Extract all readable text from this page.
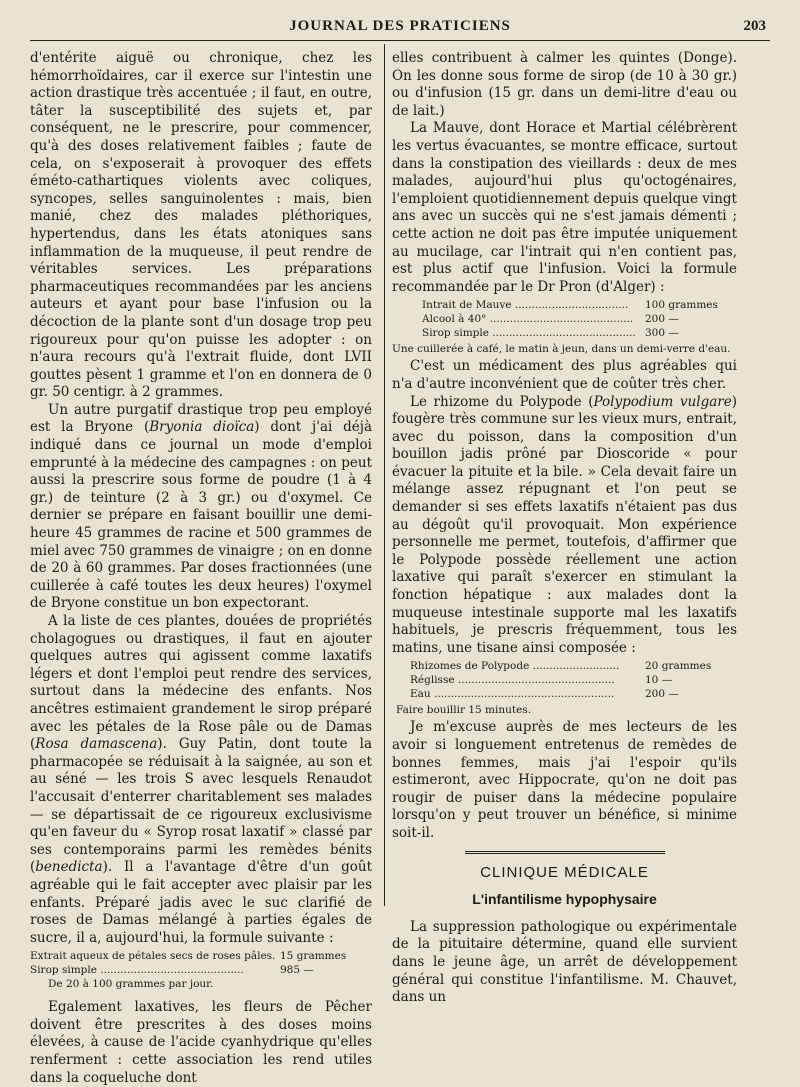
JOURNAL DES PRATICIENS	203

d'entérite aiguë ou chronique, chez les hémorrhoïdaires, car il exerce sur l'intestin une action drastique très accentuée ; il faut, en outre, tâter la susceptibilité des sujets et, par conséquent, ne le prescrire, pour commencer, qu'à des doses relativement faibles ; faute de cela, on s'exposerait à provoquer des effets éméto-cathartiques violents avec coliques, syncopes, selles sanguinolentes : mais, bien manié, chez des malades pléthoriques, hypertendus, dans les états atoniques sans inflammation de la muqueuse, il peut rendre de véritables services. Les préparations pharmaceutiques recommandées par les anciens auteurs et ayant pour base l'infusion ou la décoction de la plante sont d'un dosage trop peu rigoureux pour qu'on puisse les adopter : on n'aura recours qu'à l'extrait fluide, dont LVII gouttes pèsent 1 gramme et l'on en donnera de 0 gr. 50 centigr. à 2 grammes.

Un autre purgatif drastique trop peu employé est la Bryone (Bryonia dioïca) dont j'ai déjà indiqué dans ce journal un mode d'emploi emprunté à la médecine des campagnes : on peut aussi la prescrire sous forme de poudre (1 à 4 gr.) de teinture (2 à 3 gr.) ou d'oxymel. Ce dernier se prépare en faisant bouillir une demi-heure 45 grammes de racine et 500 grammes de miel avec 750 grammes de vinaigre ; on en donne de 20 à 60 grammes. Par doses fractionnées (une cuillerée à café toutes les deux heures) l'oxymel de Bryone constitue un bon expectorant.

A la liste de ces plantes, douées de propriétés cholagogues ou drastiques, il faut en ajouter quelques autres qui agissent comme laxatifs légers et dont l'emploi peut rendre des services, surtout dans la médecine des enfants. Nos ancêtres estimaient grandement le sirop préparé avec les pétales de la Rose pâle ou de Damas (Rosa damascena). Guy Patin, dont toute la pharmacopée se réduisait à la saignée, au son et au séné — les trois S avec lesquels Renaudot l'accusait d'enterrer charitablement ses malades — se départissait de ce rigoureux exclusivisme qu'en faveur du « Syrop rosat laxatif » classé par ses contemporains parmi les remèdes bénits (benedicta). Il a l'avantage d'être d'un goût agréable qui le fait accepter avec plaisir par les enfants. Préparé jadis avec le suc clarifié de roses de Damas mélangé à parties égales de sucre, il a, aujourd'hui, la formule suivante :

Extrait aqueux de pétales secs de roses pâles. 15 grammes
Sirop simple ...........................................	985 —
De 20 à 100 grammes par jour.

Egalement laxatives, les fleurs de Pêcher doivent être prescrites à des doses moins élevées, à cause de l'acide cyanhydrique qu'elles renferment : cette association les rend utiles dans la coqueluche dont

elles contribuent à calmer les quintes (Donge). On les donne sous forme de sirop (de 10 à 30 gr.) ou d'infusion (15 gr. dans un demi-litre d'eau ou de lait.)

La Mauve, dont Horace et Martial célébrèrent les vertus évacuantes, se montre efficace, surtout dans la constipation des vieillards : deux de mes malades, aujourd'hui plus qu'octogénaires, l'emploient quotidiennement depuis quelque vingt ans avec un succès qui ne s'est jamais démenti ; cette action ne doit pas être imputée uniquement au mucilage, car l'intrait qui n'en contient pas, est plus actif que l'infusion. Voici la formule recommandée par le Dr Pron (d'Alger) :

Intrait de Mauve ..................................	100 grammes
Alcool à 40° ...........................................	200 —
Sirop simple ........................................... 300 —
Une cuillerée à café, le matin à jeun, dans un demi-verre d'eau.

C'est un médicament des plus agréables qui n'a d'autre inconvénient que de coûter très cher.

Le rhizome du Polypode (Polypodium vulgare) fougère très commune sur les vieux murs, entrait, avec du poisson, dans la composition d'un bouillon jadis prôné par Dioscoride « pour évacuer la pituite et la bile. » Cela devait faire un mélange assez répugnant et l'on peut se demander si ses effets laxatifs n'étaient pas dus au dégoût qu'il provoquait. Mon expérience personnelle me permet, toutefois, d'affirmer que le Polypode possède réellement une action laxative qui paraît s'exercer en stimulant la fonction hépatique : aux malades dont la muqueuse intestinale supporte mal les laxatifs habituels, je prescris fréquemment, tous les matins, une tisane ainsi composée :

Rhizomes de Polypode ..........................	20 grammes
Réglisse ...............................................	10 —
Eau ......................................................	200 —
Faire bouillir 15 minutes.

Je m'excuse auprès de mes lecteurs de les avoir si longuement entretenus de remèdes de bonnes femmes, mais j'ai l'espoir qu'ils estimeront, avec Hippocrate, qu'on ne doit pas rougir de puiser dans la médecine populaire lorsqu'on y peut trouver un bénéfice, si minime soit-il.

CLINIQUE MÉDICALE
L'infantilisme hypophysaire

La suppression pathologique ou expérimentale de la pituitaire détermine, quand elle survient dans le jeune âge, un arrêt de développement général qui constitue l'infantilisme. M. Chauvet, dans un
